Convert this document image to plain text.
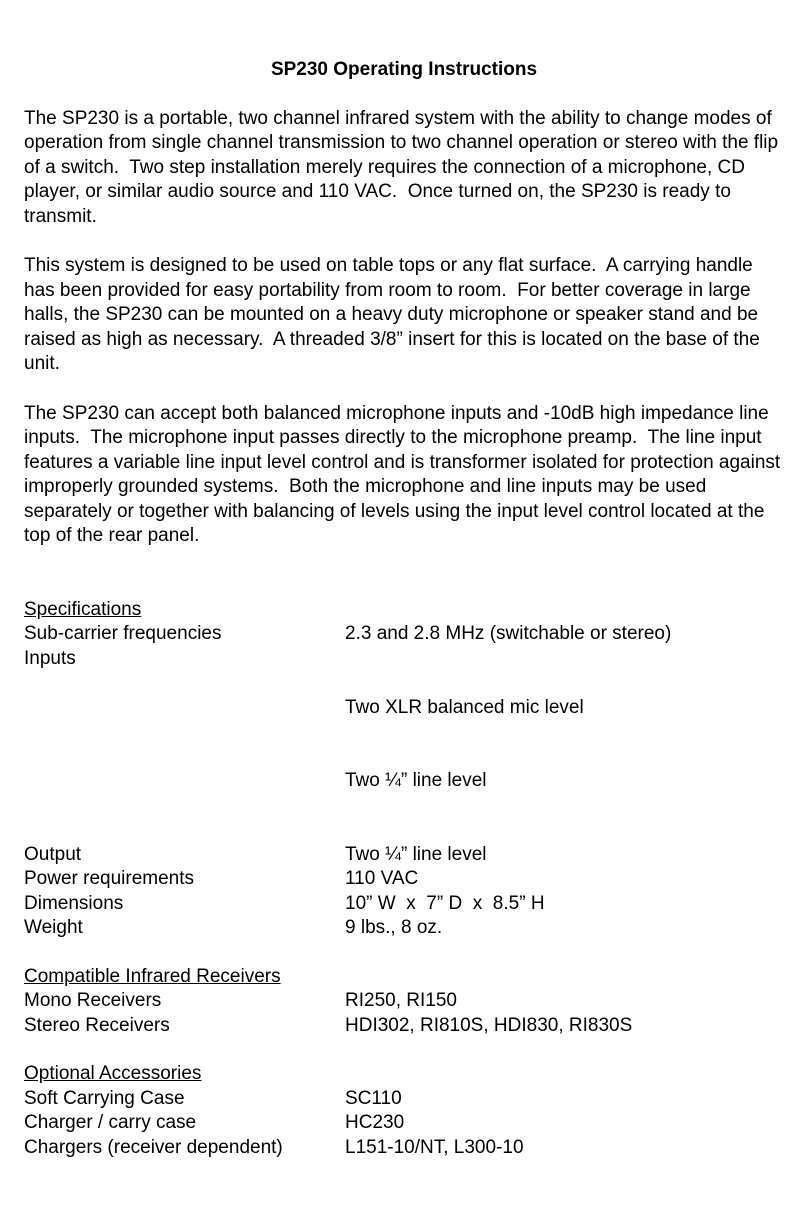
SP230 Operating Instructions

The SP230 is a portable, two channel infrared system with the ability to change modes of operation from single channel transmission to two channel operation or stereo with the flip of a switch.  Two step installation merely requires the connection of a microphone, CD player, or similar audio source and 110 VAC.  Once turned on, the SP230 is ready to transmit.

This system is designed to be used on table tops or any flat surface.  A carrying handle has been provided for easy portability from room to room.  For better coverage in large halls, the SP230 can be mounted on a heavy duty microphone or speaker stand and be raised as high as necessary.  A threaded 3/8” insert for this is located on the base of the unit.

The SP230 can accept both balanced microphone inputs and -10dB high impedance line inputs.  The microphone input passes directly to the microphone preamp.  The line input features a variable line input level control and is transformer isolated for protection against improperly grounded systems.  Both the microphone and line inputs may be used separately or together with balancing of levels using the input level control located at the top of the rear panel.

Specifications
Sub-carrier frequencies	2.3 and 2.8 MHz (switchable or stereo)
Inputs

Two XLR balanced mic level

Two ¼” line level

Output	Two ¼” line level
Power requirements	110 VAC
Dimensions	10” W  x  7” D  x  8.5” H
Weight	9 lbs., 8 oz.
Compatible Infrared Receivers
Mono Receivers	RI250, RI150
Stereo Receivers	HDI302, RI810S, HDI830, RI830S
Optional Accessories
Soft Carrying Case	SC110
Charger / carry case	HC230
Chargers (receiver dependent)	L151-10/NT, L300-10
